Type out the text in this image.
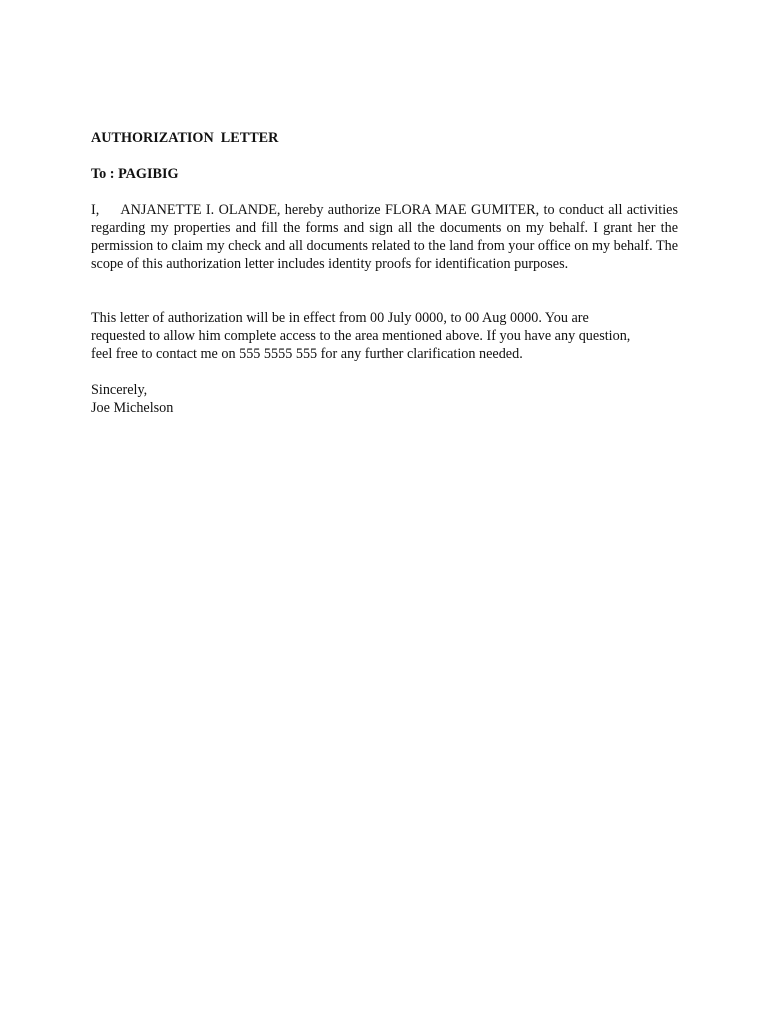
AUTHORIZATION  LETTER

To : PAGIBIG

I,     ANJANETTE I. OLANDE, hereby authorize FLORA MAE GUMITER, to conduct all activities regarding my properties and fill the forms and sign all the documents on my behalf. I grant her the permission to claim my check and all documents related to the land from your office on my behalf. The scope of this authorization letter includes identity proofs for identification purposes.

This letter of authorization will be in effect from 00 July 0000, to 00 Aug 0000. You are
requested to allow him complete access to the area mentioned above. If you have any question,
feel free to contact me on 555 5555 555 for any further clarification needed.

Sincerely,

Joe Michelson
